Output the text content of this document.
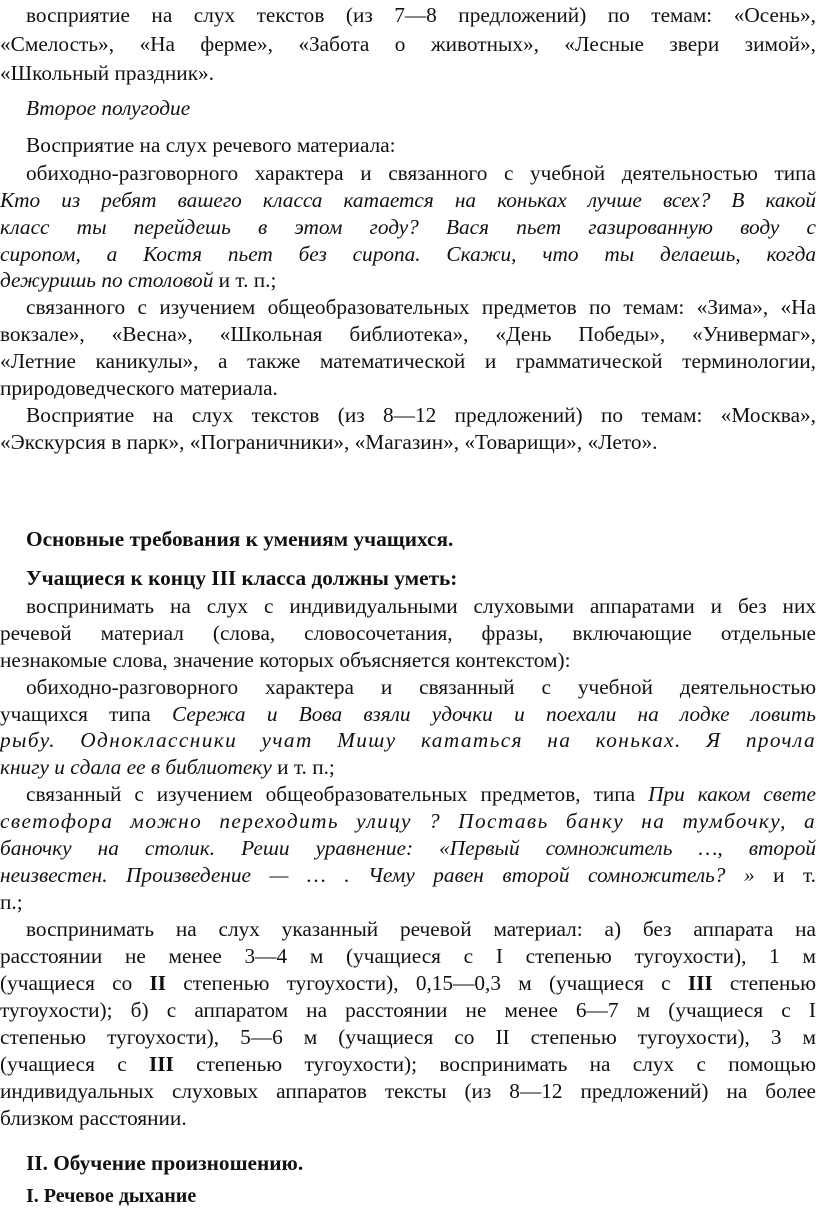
восприятие на слух текстов (из 7—8 предложений) по темам: «Осень»,
«Смелость», «На ферме», «Забота о животных», «Лесные звери зимой»,
«Школьный праздник».
Второе полугодие
Восприятие на слух речевого материала:
обиходно-разговорного характера и связанного с учебной деятельностью типа
Кто из ребят вашего класса катается на коньках лучше всех? В какой
класс ты перейдешь в этом году? Вася пьет газированную воду с
сиропом, а Костя пьет без сиропа. Скажи, что ты делаешь, когда
дежуришь по столовой и т. п.;
связанного с изучением общеобразовательных предметов по темам: «Зима», «На
вокзале», «Весна», «Школьная библиотека», «День Победы», «Универмаг»,
«Летние каникулы», а также математической и грамматической терминологии,
природоведческого материала.
Восприятие на слух текстов (из 8—12 предложений) по темам: «Москва»,
«Экскурсия в парк», «Пограничники», «Магазин», «Товарищи», «Лето».
Основные требования к умениям учащихся.
Учащиеся к концу III класса должны уметь:
воспринимать на слух с индивидуальными слуховыми аппаратами и без них
речевой материал (слова, словосочетания, фразы, включающие отдельные
незнакомые слова, значение которых объясняется контекстом):
обиходно-разговорного характера и связанный с учебной деятельностью
учащихся типа Сережа и Вова взяли удочки и поехали на лодке ловить
рыбу. Одноклассники учат Мишу кататься на коньках. Я прочла
книгу и сдала ее в библиотеку и т. п.;
связанный с изучением общеобразовательных предметов, типа При каком свете
светофора можно переходить улицу ? Поставь банку на тумбочку, а
баночку на столик. Реши уравнение: «Первый сомножитель …, второй
неизвестен. Произведение — … . Чему равен второй сомножитель? » и т.
п.;
воспринимать на слух указанный речевой материал: а) без аппарата на
расстоянии не менее 3—4 м (учащиеся с I степенью тугоухости), 1 м
(учащиеся со II степенью тугоухости), 0,15—0,3 м (учащиеся с III степенью
тугоухости); б) с аппаратом на расстоянии не менее 6—7 м (учащиеся с I
степенью тугоухости), 5—6 м (учащиеся со II степенью тугоухости), 3 м
(учащиеся с III степенью тугоухости); воспринимать на слух с помощью
индивидуальных слуховых аппаратов тексты (из 8—12 предложений) на более
близком расстоянии.
II. Обучение произношению.
I. Речевое дыхание
